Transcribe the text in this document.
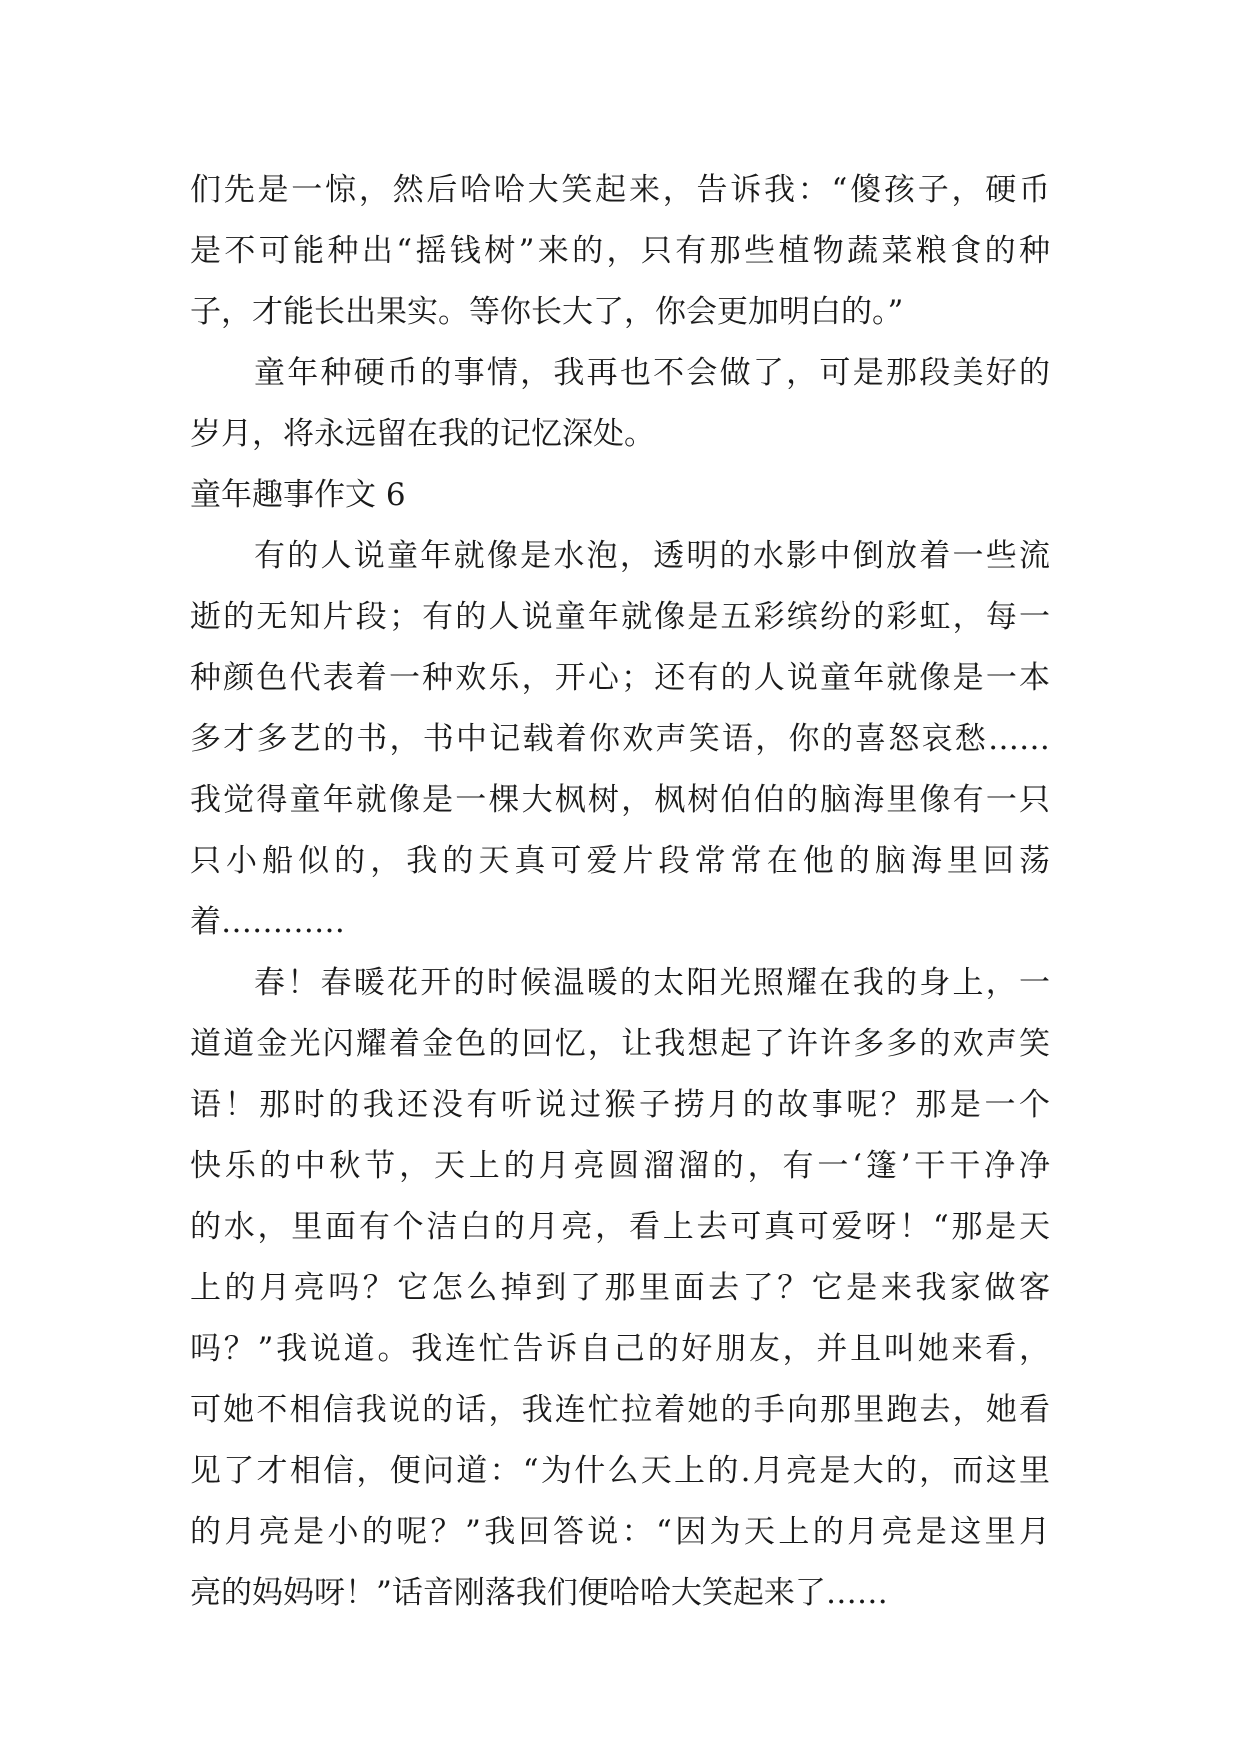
们先是一惊，然后哈哈大笑起来，告诉我：“傻孩子，硬币
是不可能种出“摇钱树”来的，只有那些植物蔬菜粮食的种
子，才能长出果实。等你长大了，你会更加明白的。”
童年种硬币的事情，我再也不会做了，可是那段美好的
岁月，将永远留在我的记忆深处。
童年趣事作文 6
有的人说童年就像是水泡，透明的水影中倒放着一些流
逝的无知片段；有的人说童年就像是五彩缤纷的彩虹，每一
种颜色代表着一种欢乐，开心；还有的人说童年就像是一本
多才多艺的书，书中记载着你欢声笑语，你的喜怒哀愁……
我觉得童年就像是一棵大枫树，枫树伯伯的脑海里像有一只
只小船似的，我的天真可爱片段常常在他的脑海里回荡
着…………
春！春暖花开的时候温暖的太阳光照耀在我的身上，一
道道金光闪耀着金色的回忆，让我想起了许许多多的欢声笑
语！那时的我还没有听说过猴子捞月的故事呢？那是一个
快乐的中秋节，天上的月亮圆溜溜的，有一‘篷’干干净净
的水，里面有个洁白的月亮，看上去可真可爱呀！“那是天
上的月亮吗？它怎么掉到了那里面去了？它是来我家做客
吗？”我说道。我连忙告诉自己的好朋友，并且叫她来看，
可她不相信我说的话，我连忙拉着她的手向那里跑去，她看
见了才相信，便问道：“为什么天上的.月亮是大的，而这里
的月亮是小的呢？”我回答说：“因为天上的月亮是这里月
亮的妈妈呀！”话音刚落我们便哈哈大笑起来了……
